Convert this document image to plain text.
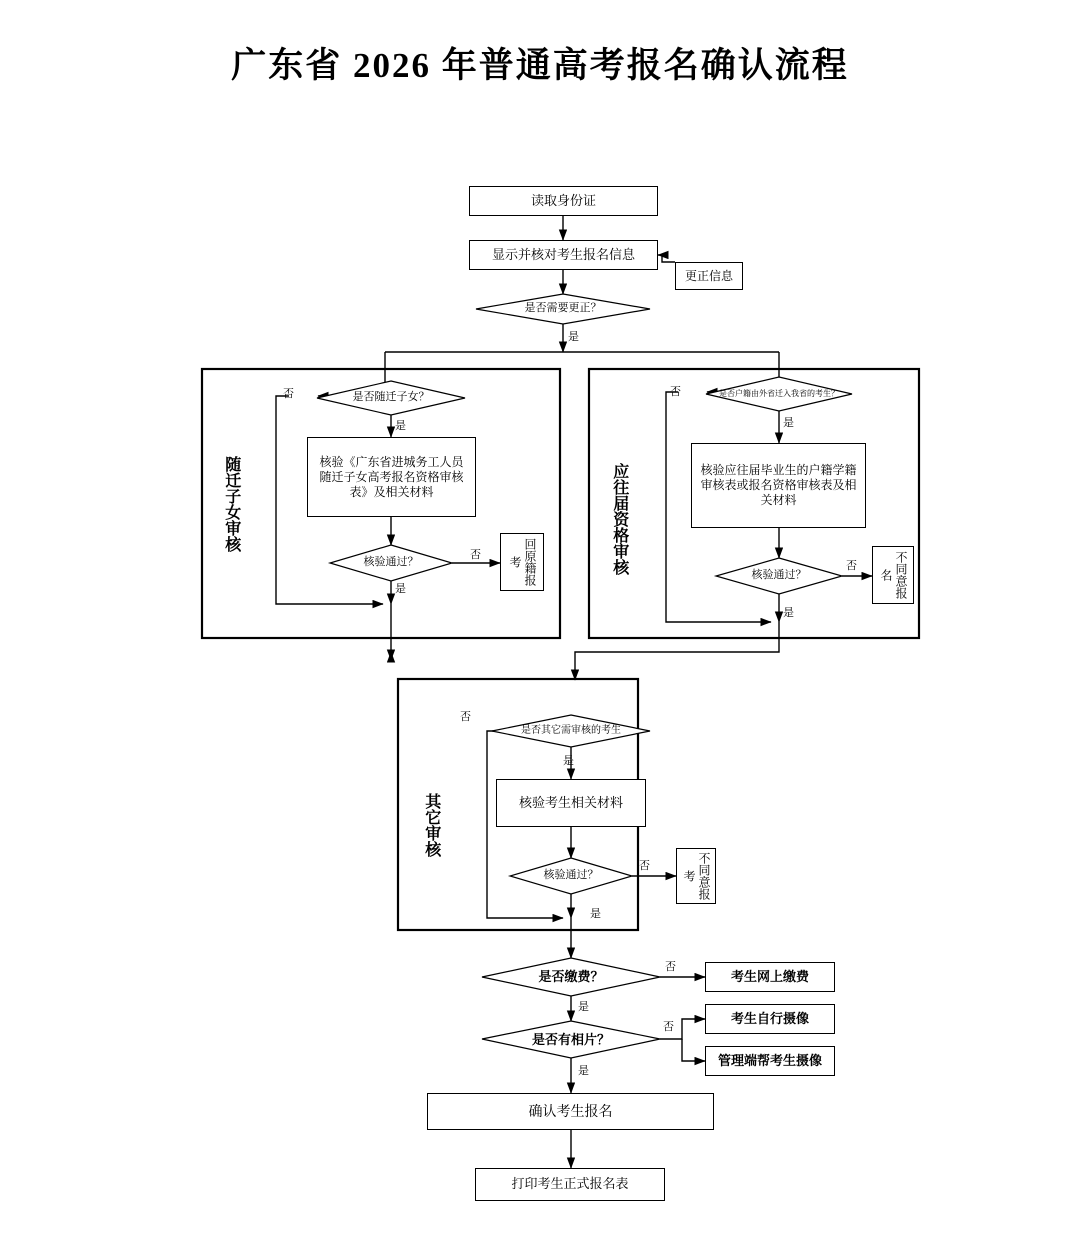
广东省 2026 年普通高考报名确认流程
是否需要更正？
是否随迁子女？	是否户籍由外省迁入我省的考生？
核验通过？
核验通过？
是否其它需审核的考生
核验通过？
是否缴费？
是否有相片？
读取身份证
显示并核对考生报名信息
更正信息
核验《广东省进城务工人员随迁子女高考报名资格审核表》及相关材料
回原籍报考
核验应往届毕业生的户籍学籍审核表或报名资格审核表及相关材料
不同意报名
核验考生相关材料
不同意报考
考生网上缴费
考生自行摄像
管理端帮考生摄像
确认考生报名
打印考生正式报名表
随迁子女审核	应往届资格审核
其它审核
否
是
否
是
否
是
否
是
否
是
否
是
否
是
否
是
是
